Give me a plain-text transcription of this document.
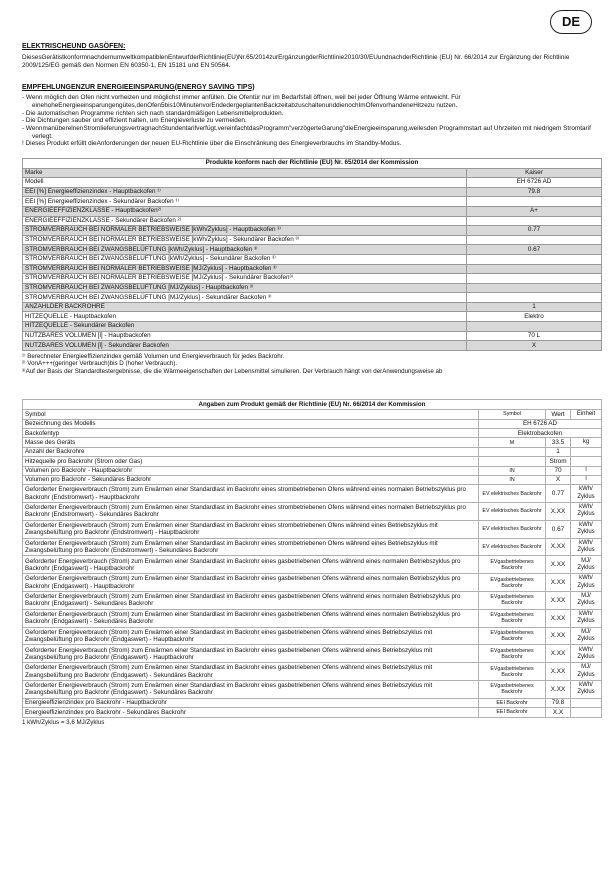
DE
ELEKTRISCHEUND GASÖFEN:

DiesesGerätistkonformnachdemumweltkompatiblenEntwurfderRichtlinie(EU)Nr.65/2014zurErgänzungderRichtlinie2010/30/EUundnachderRichtlinie (EU) Nr. 66/2014 zur Ergänzung der Richtlinie 2009/125/EG gemäß den Normen EN 60350-1, EN 15181 und EN 50564.

EMPFEHLUNGENZUR ENERGIEEINSPARUNG(ENERGY SAVING TIPS)
- Wenn möglich den Ofen nicht vorheizen und möglichst immer anfüllen. Die Ofentür nur im Bedarfsfall öffnen, weil bei jeder Öffnung Wärme entweicht. Für einehoheEnergieeinsparungengütes,denOfen5bis10MinutenvorEndedergeplantenBackzeitabzuschaltenunddienochImOfenvorhandeneHitzezu nutzen.
- Die automatischen Programme richten sich nach standardmäßigen Lebensmittelprodukten.
- Die Dichtungen sauber und effizient halten, um Energieverluste zu vermeiden.
- WennmanüberelnenStromlieferungsvertragnachStundentarifverfügt,vereinfachtdasProgramm"verzögerteGarung"dieEnergieeinsparung,weilesden Programmstart auf Uhrzeiten mit niedrigem Stromtarif verlegt.
! Dieses Produkt erfüllt dieAnforderungen der neuen EU-Richtlinie über die Einschränkung des Energieverbrauchs im Standby-Modus.
Produkte konform nach der Richtlinie (EU) Nr. 65/2014 der Kommission	
Marke	Kaiser
Modell	EH 6726 AD
EEI [%] Energieeffizienzindex - Hauptbackofen ¹⁾	79.8
EEI [%] Energieeffizienzindex - Sekundärer Backofen ¹⁾	
ENERGIEEFFIZIENZKLASSE - Hauptbackofen²⁾	A+
ENERGIEEFFIZIENZKLASSE - Sekundärer Backofen ²⁾	
STROMVERBRAUCH BEI NORMALER BETRIEBSWEISE [kWh/Zyklus] - Hauptbackofen ³⁾	0.77
STROMVERBRAUCH BEI NORMALER BETRIEBSWEISE [kWh/Zyklus] - Sekundärer Backofen ³⁾	
STROMVERBRAUCH BEI ZWANGSBELÜFTUNG [kWh/Zyklus] - Hauptbackofen ³⁾	0.67
STROMVERBRAUCH BEI ZWANGSBELÜFTUNG [kWh/Zyklus] - Sekundärer Backofen ³⁾	
STROMVERBRAUCH BEI NORMALER BETRIEBSWEISE [MJ/Zyklus] - Hauptbackofen ³⁾	
STROMVERBRAUCH BEI NORMALER BETRIEBSWEISE [MJ/Zyklus] - Sekundärer Backofen³⁾	
STROMVERBRAUCH BEI ZWANGSBELÜFTUNG [MJ/Zyklus] - Hauptbackofen ³⁾	
STROMVERBRAUCH BEI ZWANGSBELÜFTUNG [MJ/Zyklus] - Sekundärer Backofen ³⁾	
ANZAHLDER BACKROHRE	1
HITZEQUELLE - Hauptbackofen	Elektro
HITZEQUELLE - Sekundärer Backofen	
NUTZBARES VOLUMEN [l] - Hauptbackofen	70 L
NUTZBARES VOLUMEN [l] - Sekundärer Backofen	X
¹⁾ Berechneter Energieeffizienzindex gemäß Volumen und Energieverbrauch für jedes Backrohr.
²⁾ VonA+++(geringer Verbrauch)bis D (hoher Verbrauch).
³⁾Auf der Basis der Standardtestergebnisse, die die Wärmeeigenschaften der Lebensmittel simulieren. Der Verbrauch hängt von derAnwendungsweise ab
Angaben zum Produkt gemäß der Richtlinie (EU) Nr. 66/2014 der Kommission			
Symbol	Symbol	Wert	Einheit
Bezeichnung des Modells	EH 6726 AD		
Backofentyp	Elektrobackofen		
Masse des Geräts	M	33.5	kg
Anzahl der Backrohre		1	
Hitzequelle pro Backrohr (Strom oder Gas)		Strom	
Volumen pro Backrohr - Hauptbackrohr	IN	70	l
Volumen pro Backrohr - Sekundäres Backrohr	IN	X	l
Geforderter Energieverbrauch (Strom) zum Erwärmen einer Standardlast im Backrohr eines strombetriebenen Ofens während eines normalen Betriebszyklus pro Backrohr (Endstromwert) - Hauptbackrohr	EV elektrisches Backrohr	0.77	kWh/ Zyklus
Geforderter Energieverbrauch (Strom) zum Erwärmen einer Standardlast im Backrohr eines strombetriebenen Ofens während eines normalen Betriebszyklus pro Backrohr (Endstromwert) - Sekundäres Backrohr	EV elektrisches Backrohr	X.XX	kWh/ Zyklus
Geforderter Energieverbrauch (Strom) zum Erwärmen einer Standardlast im Backrohr eines strombetriebenen Ofens während eines Betriebszyklus mit Zwangsbelüftung pro Backrohr (Endstromwert) - Hauptbackrohr	EV elektrisches Backrohr	0.67	kWh/ Zyklus
Geforderter Energieverbrauch (Strom) zum Erwärmen einer Standardlast im Backrohr eines strombetriebenen Ofens während eines Betriebszyklus mit Zwangsbelüftung pro Backrohr (Endstromwert) - Sekundäres Backrohr	EV elektrisches Backrohr	X.XX	kWh/ Zyklus
Geforderter Energieverbrauch (Strom) zum Erwärmen einer Standardlast im Backrohr eines gasbetriebenen Ofens während eines normalen Betriebszyklus pro Backrohr (Endgaswert) - Hauptbackrohr	EVgasbetriebenes Backrohr	X.XX	MJ/ Zyklus
Geforderter Energieverbrauch (Strom) zum Erwärmen einer Standardlast im Backrohr eines gasbetriebenen Ofens während eines normalen Betriebszyklus pro Backrohr (Endgaswert) - Hauptbackrohr	EVgasbetriebenes Backrohr	X.XX	kWh/ Zyklus
Geforderter Energieverbrauch (Strom) zum Erwärmen einer Standardlast im Backrohr eines gasbetriebenen Ofens während eines normalen Betriebszyklus pro Backrohr (Endgaswert) - Sekundäres Backrohr	EVgasbetriebenes Backrohr	X.XX	MJ/ Zyklus
Geforderter Energieverbrauch (Strom) zum Erwärmen einer Standardlast im Backrohr eines gasbetriebenen Ofens während eines normalen Betriebszyklus pro Backrohr (Endgaswert) - Sekundäres Backrohr	EVgasbetriebenes Backrohr	X.XX	kWh/ Zyklus
Geforderter Energieverbrauch (Strom) zum Erwärmen einer Standardlast im Backrohr eines gasbetriebenen Ofens während eines Betriebszyklus mit Zwangsbelüftung pro Backrohr (Endgaswert) - Hauptbackrohr	EVgasbetriebenes Backrohr	X.XX	MJ/ Zyklus
Geforderter Energieverbrauch (Strom) zum Erwärmen einer Standardlast im Backrohr eines gasbetriebenen Ofens während eines Betriebszyklus mit Zwangsbelüftung pro Backrohr (Endgaswert) - Hauptbackrohr	EVgasbetriebenes Backrohr	X.XX	kWh/ Zyklus
Geforderter Energieverbrauch (Strom) zum Erwärmen einer Standardlast im Backrohr eines gasbetriebenen Ofens während eines Betriebszyklus mit Zwangsbelüftung pro Backrohr (Endgaswert) - Sekundäres Backrohr	EVgasbetriebenes Backrohr	X.XX	MJ/ Zyklus
Geforderter Energieverbrauch (Strom) zum Erwärmen einer Standardlast im Backrohr eines gasbetriebenen Ofens während eines Betriebszyklus mit Zwangsbelüftung pro Backrohr (Endgaswert) - Sekundäres Backrohr	EVgasbetriebenes Backrohr	X.XX	kWh/ Zyklus
Energieeffizienzindex pro Backrohr - Hauptbackrohr	EEI Backrohr	79.8	
Energieeffizienzindex pro Backrohr - Sekundäres Backrohr	EEI Backrohr	X.X	
1 kWh/Zyklus = 3,6 MJ/Zyklus
